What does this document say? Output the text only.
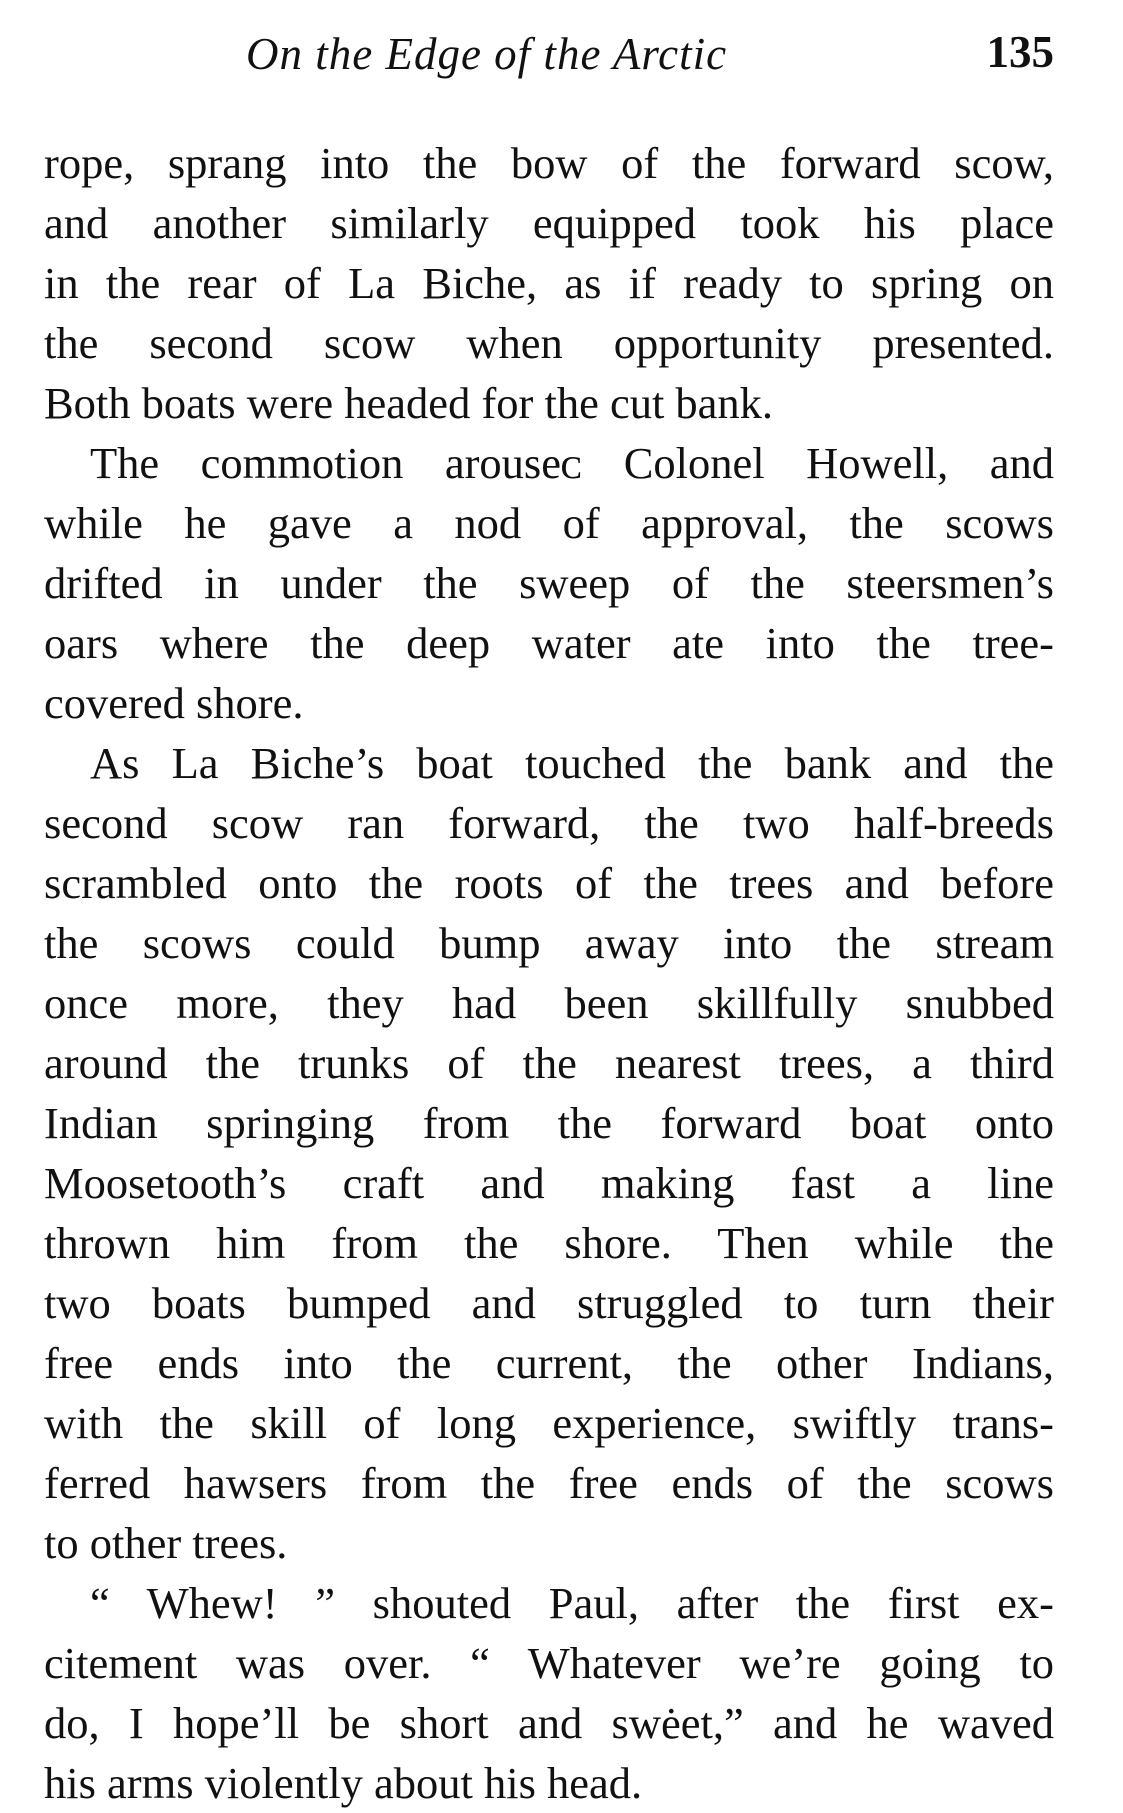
On the Edge of the Arctic	135
rope, sprang into the bow of the forward scow,
and another similarly equipped took his place
in the rear of La Biche, as if ready to spring on
the second scow when opportunity presented.
Both boats were headed for the cut bank.
The commotion arouseᴄ Colonel Howell, and
while he gave a nod of approval, the scows
drifted in under the sweep of the steersmen’s
oars where the deep water ate into the tree-
covered shore.
As La Biche’s boat touched the bank and the
second scow ran forward, the two half-breeds
scrambled onto the roots of the trees and before
the scows could bump away into the stream
once more, they had been skillfully snubbed
around the trunks of the nearest trees, a third
Indian springing from the forward boat onto
Moosetooth’s craft and making fast a line
thrown him from the shore. Then while the
two boats bumped and struggled to turn their
free ends into the current, the other Indians,
with the skill of long experience, swiftly trans-
ferred hawsers from the free ends of the scows
to other trees.
“ Whew! ” shouted Paul, after the first ex-
citement was over. “ Whatever we’re going to
do, I hope’ll be short and swėet,” and he waved
his arms violently about his head.
